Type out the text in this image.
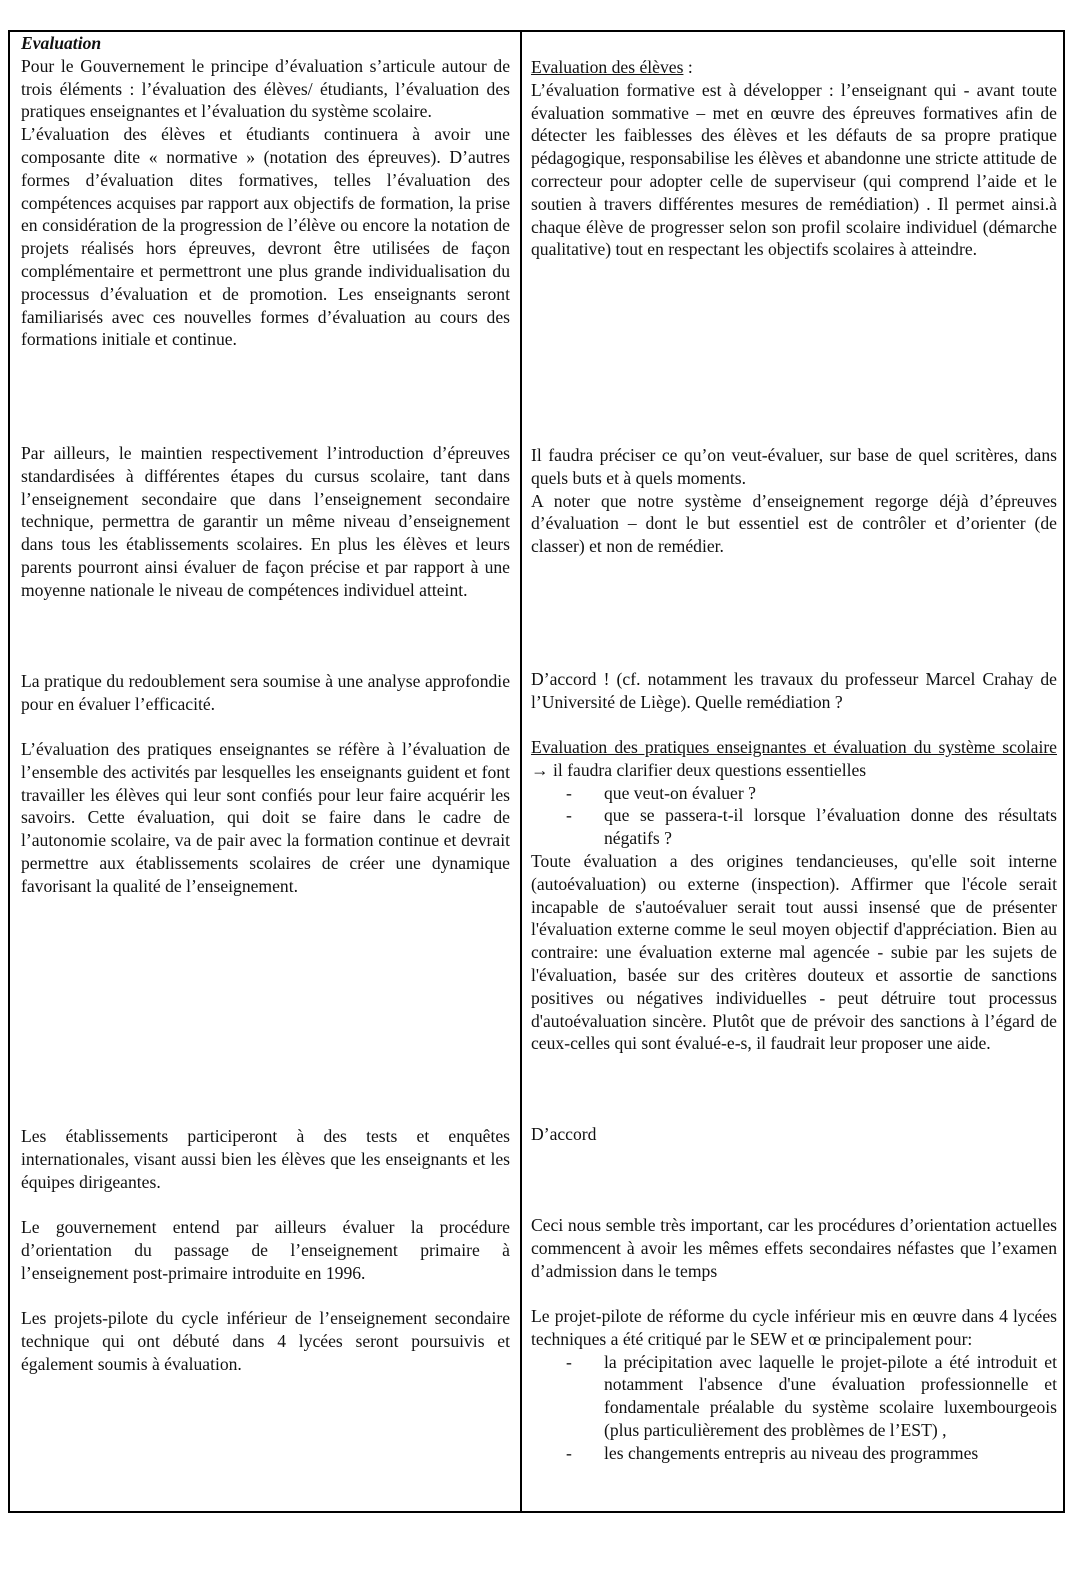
Evaluation

Pour le Gouvernement le principe d’évaluation s’articule autour de trois éléments : l’évaluation des élèves/ étudiants, l’évaluation des pratiques enseignantes et l’évaluation du système scolaire.

L’évaluation des élèves et étudiants continuera à avoir une composante dite « normative » (notation des épreuves). D’autres formes d’évaluation dites formatives, telles l’évaluation des compétences acquises par rapport aux objectifs de formation, la prise en considération de la progression de l’élève ou encore la notation de projets réalisés hors épreuves, devront être utilisées de façon complémentaire et permettront une plus grande individualisation du processus d’évaluation et de promotion. Les enseignants seront familiarisés avec ces nouvelles formes d’évaluation au cours des formations initiale et continue.

Par ailleurs, le maintien respectivement l’introduction d’épreuves standardisées à différentes étapes du cursus scolaire, tant dans l’enseignement secondaire que dans l’enseignement secondaire technique, permettra de garantir un même niveau d’enseignement dans tous les établissements scolaires. En plus les élèves et leurs parents pourront ainsi évaluer de façon précise et par rapport à une moyenne nationale le niveau de compétences individuel atteint.

La pratique du redoublement sera soumise à une analyse approfondie pour en évaluer l’efficacité.

L’évaluation des pratiques enseignantes se réfère à l’évaluation de l’ensemble des activités par lesquelles les enseignants guident et font travailler les élèves qui leur sont confiés pour leur faire acquérir les savoirs. Cette évaluation, qui doit se faire dans le cadre de l’autonomie scolaire, va de pair avec la formation continue et devrait permettre aux établissements scolaires de créer une dynamique favorisant la qualité de l’enseignement.

Les établissements participeront à des tests et enquêtes internationales, visant aussi bien les élèves que les enseignants et les équipes dirigeantes.

Le gouvernement entend par ailleurs évaluer la procédure d’orientation du passage de l’enseignement primaire à l’enseignement post-primaire introduite en 1996.

Les projets-pilote du cycle inférieur de l’enseignement secondaire technique qui ont débuté dans 4 lycées seront poursuivis et également soumis à évaluation.

Evaluation des élèves :

L’évaluation formative est à développer : l’enseignant qui - avant toute évaluation sommative – met en œuvre des épreuves formatives afin de détecter les faiblesses des élèves et les défauts de sa propre pratique pédagogique, responsabilise les élèves et abandonne une stricte attitude de correcteur pour adopter celle de superviseur (qui comprend l’aide et le soutien à travers différentes mesures de remédiation) . Il permet ainsi.à chaque élève de progresser selon son profil scolaire individuel (démarche qualitative) tout en respectant les objectifs scolaires à atteindre.

Il faudra préciser ce qu’on veut-évaluer, sur base de quel scritères, dans quels buts et à quels moments.

A noter que notre système d’enseignement regorge déjà d’épreuves d’évaluation – dont le but essentiel est de contrôler et d’orienter (de classer) et non de remédier.

D’accord ! (cf. notamment les travaux du professeur Marcel Crahay de l’Université de Liège). Quelle remédiation ?

Evaluation des pratiques enseignantes et évaluation du système scolaire → il faudra clarifier deux questions essentielles

- que veut-on évaluer ?
- que se passera-t-il lorsque l’évaluation donne des résultats négatifs ?

Toute évaluation a des origines tendancieuses, qu'elle soit interne (autoévaluation) ou externe (inspection). Affirmer que l'école serait incapable de s'autoévaluer serait tout aussi insensé que de présenter l'évaluation externe comme le seul moyen objectif d'appréciation. Bien au contraire: une évaluation externe mal agencée - subie par les sujets de l'évaluation, basée sur des critères douteux et assortie de sanctions positives ou négatives individuelles - peut détruire tout processus d'autoévaluation sincère. Plutôt que de prévoir des sanctions à l’égard de ceux-celles qui sont évalué-e-s, il faudrait leur proposer une aide.

D’accord

Ceci nous semble très important, car les procédures d’orientation actuelles commencent à avoir les mêmes effets secondaires néfastes que l’examen d’admission dans le temps

Le projet-pilote de réforme du cycle inférieur mis en œuvre dans 4 lycées techniques a été critiqué par le SEW et œ principalement pour:

- la précipitation avec laquelle le projet-pilote a été introduit et notamment l'absence d'une évaluation professionnelle et fondamentale préalable du système scolaire luxembourgeois (plus particulièrement des problèmes de l’EST) ,
- les changements entrepris au niveau des programmes
